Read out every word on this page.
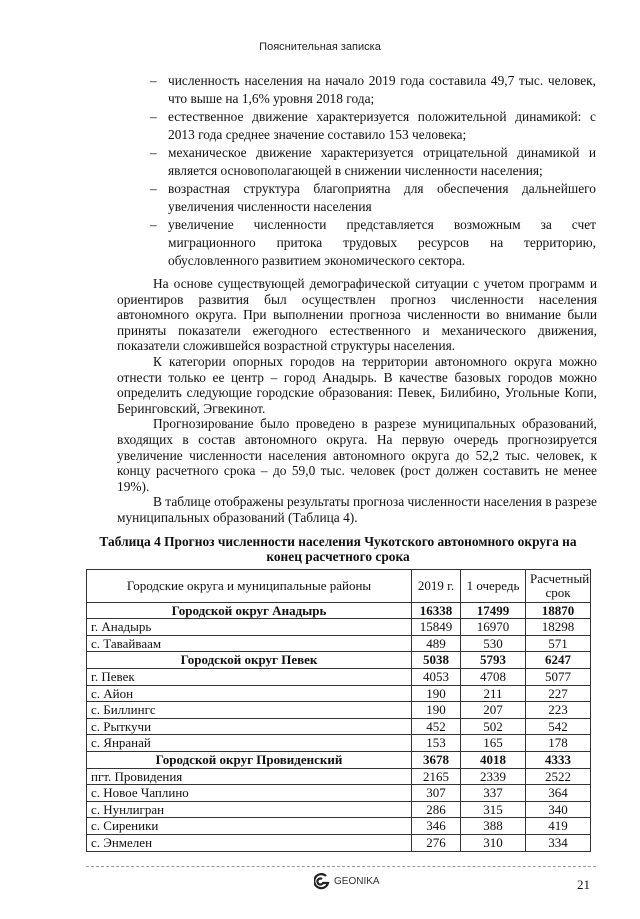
Пояснительная записка
– численность населения на начало 2019 года составила 49,7 тыс. человек, что выше на 1,6% уровня 2018 года;
– естественное движение характеризуется положительной динамикой: с 2013 года среднее значение составило 153 человека;
– механическое движение характеризуется отрицательной динамикой и является основополагающей в снижении численности населения;
– возрастная структура благоприятна для обеспечения дальнейшего увеличения численности населения
– увеличение численности представляется возможным за счет миграционного притока трудовых ресурсов на территорию, обусловленного развитием экономического сектора.

На основе существующей демографической ситуации с учетом программ и ориентиров развития был осуществлен прогноз численности населения автономного округа. При выполнении прогноза численности во внимание были приняты показатели ежегодного естественного и механического движения, показатели сложившейся возрастной структуры населения.

К категории опорных городов на территории автономного округа можно отнести только ее центр – город Анадырь. В качестве базовых городов можно определить следующие городские образования: Певек, Билибино, Угольные Копи, Беринговский, Эгвекинот.

Прогнозирование было проведено в разрезе муниципальных образований, входящих в состав автономного округа. На первую очередь прогнозируется увеличение численности населения автономного округа до 52,2 тыс. человек, к концу расчетного срока – до 59,0 тыс. человек (рост должен составить не менее 19%).

В таблице отображены результаты прогноза численности населения в разрезе муниципальных образований (Таблица 4).

Таблица 4 Прогноз численности населения Чукотского автономного округа на конец расчетного срока
Городские округа и муниципальные районы	2019 г.	1 очередь	Расчетный срок
Городской округ Анадырь	16338	17499	18870
г. Анадырь	15849	16970	18298
с. Тавайваам	489	530	571
Городской округ Певек	5038	5793	6247
г. Певек	4053	4708	5077
с. Айон	190	211	227
с. Биллингс	190	207	223
с. Рыткучи	452	502	542
с. Янранай	153	165	178
Городской округ Провиденский	3678	4018	4333
пгт. Провидения	2165	2339	2522
с. Новое Чаплино	307	337	364
с. Нунлигран	286	315	340
с. Сиреники	346	388	419
с. Энмелен	276	310	334
GEONIKA	21
